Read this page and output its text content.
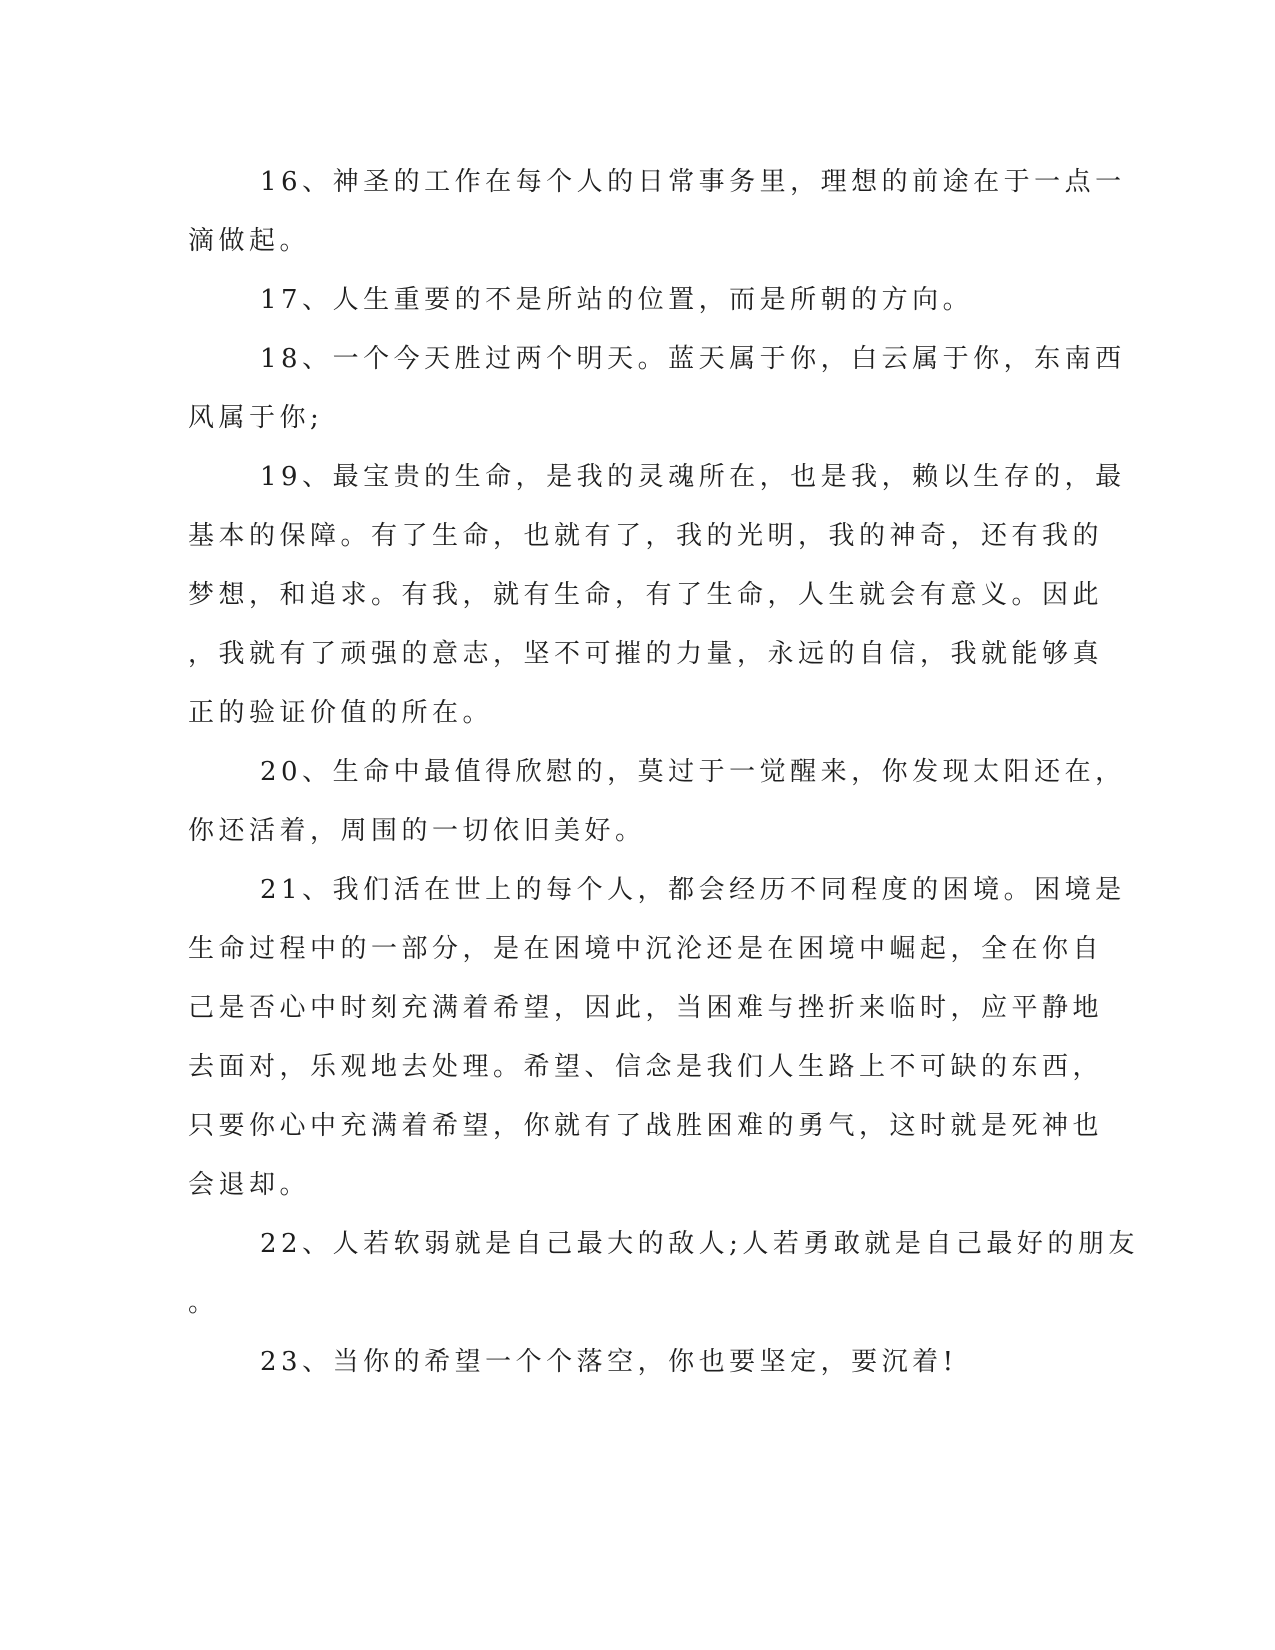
16、神圣的工作在每个人的日常事务里，理想的前途在于一点一
滴做起。
17、人生重要的不是所站的位置，而是所朝的方向。
18、一个今天胜过两个明天。蓝天属于你，白云属于你，东南西
风属于你;
19、最宝贵的生命，是我的灵魂所在，也是我，赖以生存的，最
基本的保障。有了生命，也就有了，我的光明，我的神奇，还有我的
梦想，和追求。有我，就有生命，有了生命，人生就会有意义。因此
，我就有了顽强的意志，坚不可摧的力量，永远的自信，我就能够真
正的验证价值的所在。
20、生命中最值得欣慰的，莫过于一觉醒来，你发现太阳还在，
你还活着，周围的一切依旧美好。
21、我们活在世上的每个人，都会经历不同程度的困境。困境是
生命过程中的一部分，是在困境中沉沦还是在困境中崛起，全在你自
己是否心中时刻充满着希望，因此，当困难与挫折来临时，应平静地
去面对，乐观地去处理。希望、信念是我们人生路上不可缺的东西，
只要你心中充满着希望，你就有了战胜困难的勇气，这时就是死神也
会退却。
22、人若软弱就是自己最大的敌人;人若勇敢就是自己最好的朋友
。
23、当你的希望一个个落空，你也要坚定，要沉着!
